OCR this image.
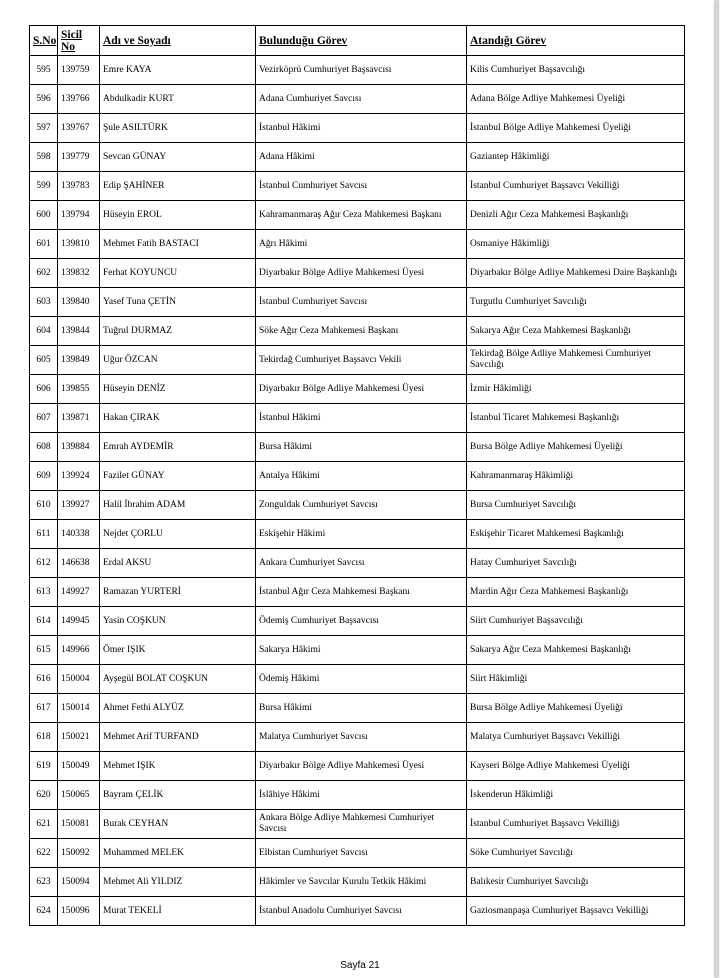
S.No	Sicil No	Adı ve Soyadı	Bulunduğu Görev	Atandığı Görev
595	139759	Emre KAYA	Vezirköprü Cumhuriyet Başsavcısı	Kilis Cumhuriyet Başsavcılığı
596	139766	Abdulkadir KURT	Adana Cumhuriyet Savcısı	Adana Bölge Adliye Mahkemesi Üyeliği
597	139767	Şule ASILTÜRK	İstanbul Hâkimi	İstanbul Bölge Adliye Mahkemesi Üyeliği
598	139779	Sevcan GÜNAY	Adana Hâkimi	Gaziantep Hâkimliği
599	139783	Edip ŞAHİNER	İstanbul Cumhuriyet Savcısı	İstanbul Cumhuriyet Başsavcı Vekilliği
600	139794	Hüseyin EROL	Kahramanmaraş Ağır Ceza Mahkemesi Başkanı	Denizli Ağır Ceza Mahkemesi Başkanlığı
601	139810	Mehmet Fatih BASTACI	Ağrı Hâkimi	Osmaniye Hâkimliği
602	139832	Ferhat KOYUNCU	Diyarbakır Bölge Adliye Mahkemesi Üyesi	Diyarbakır Bölge Adliye Mahkemesi Daire Başkanlığı
603	139840	Yasef Tuna ÇETİN	İstanbul Cumhuriyet Savcısı	Turgutlu Cumhuriyet Savcılığı
604	139844	Tuğrul DURMAZ	Söke Ağır Ceza Mahkemesi Başkanı	Sakarya Ağır Ceza Mahkemesi Başkanlığı
605	139849	Uğur ÖZCAN	Tekirdağ Cumhuriyet Başsavcı Vekili	Tekirdağ Bölge Adliye Mahkemesi Cumhuriyet Savcılığı
606	139855	Hüseyin DENİZ	Diyarbakır Bölge Adliye Mahkemesi Üyesi	İzmir Hâkimliği
607	139871	Hakan ÇIRAK	İstanbul Hâkimi	İstanbul Ticaret Mahkemesi Başkanlığı
608	139884	Emrah AYDEMİR	Bursa Hâkimi	Bursa Bölge Adliye Mahkemesi Üyeliği
609	139924	Fazilet GÜNAY	Antalya Hâkimi	Kahramanmaraş Hâkimliği
610	139927	Halil İbrahim ADAM	Zonguldak Cumhuriyet Savcısı	Bursa Cumhuriyet Savcılığı
611	140338	Nejdet ÇORLU	Eskişehir Hâkimi	Eskişehir Ticaret Mahkemesi Başkanlığı
612	146638	Erdal AKSU	Ankara Cumhuriyet Savcısı	Hatay Cumhuriyet Savcılığı
613	149927	Ramazan YURTERİ	İstanbul Ağır Ceza Mahkemesi Başkanı	Mardin Ağır Ceza Mahkemesi Başkanlığı
614	149945	Yasin COŞKUN	Ödemiş Cumhuriyet Başsavcısı	Siirt Cumhuriyet Başsavcılığı
615	149966	Ömer IŞIK	Sakarya Hâkimi	Sakarya Ağır Ceza Mahkemesi Başkanlığı
616	150004	Ayşegül BOLAT COŞKUN	Ödemiş Hâkimi	Siirt Hâkimliği
617	150014	Ahmet Fethi ALYÜZ	Bursa Hâkimi	Bursa Bölge Adliye Mahkemesi Üyeliği
618	150021	Mehmet Arif TURFAND	Malatya Cumhuriyet Savcısı	Malatya Cumhuriyet Başsavcı Vekilliği
619	150049	Mehmet IŞIK	Diyarbakır Bölge Adliye Mahkemesi Üyesi	Kayseri Bölge Adliye Mahkemesi Üyeliği
620	150065	Bayram ÇELİK	İslâhiye Hâkimi	İskenderun Hâkimliği
621	150081	Burak CEYHAN	Ankara Bölge Adliye Mahkemesi Cumhuriyet Savcısı	İstanbul Cumhuriyet Başsavcı Vekilliği
622	150092	Muhammed MELEK	Elbistan Cumhuriyet Savcısı	Söke Cumhuriyet Savcılığı
623	150094	Mehmet Ali YILDIZ	Hâkimler ve Savcılar Kurulu Tetkik Hâkimi	Balıkesir Cumhuriyet Savcılığı
624	150096	Murat TEKELİ	İstanbul Anadolu Cumhuriyet Savcısı	Gaziosmanpaşa Cumhuriyet Başsavcı Vekilliği
Sayfa 21
